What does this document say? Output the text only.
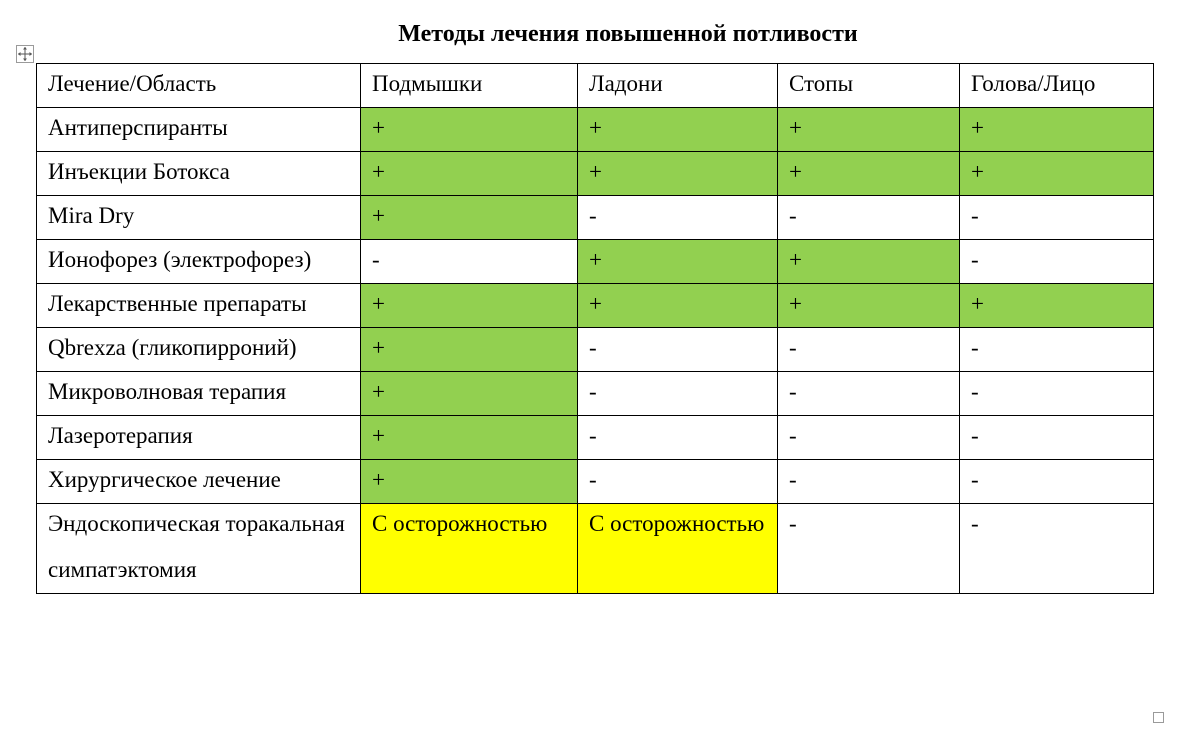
Методы лечения повышенной потливости
Лечение/Область	Подмышки	Ладони	Стопы	Голова/Лицо

Антиперспиранты	+	+	+	+

Инъекции Ботокса	+	+	+	+

Mira Dry	+	-	-	-

Ионофорез (электрофорез)	-	+	+	-

Лекарственные препараты	+	+	+	+

Qbrexza (гликопирроний)	+	-	-	-

Микроволновая терапия	+	-	-	-

Лазеротерапия	+	-	-	-

Хирургическое лечение	+	-	-	-

Эндоскопическая торакальная симпатэктомия	С осторожностью	С осторожностью	-	-
